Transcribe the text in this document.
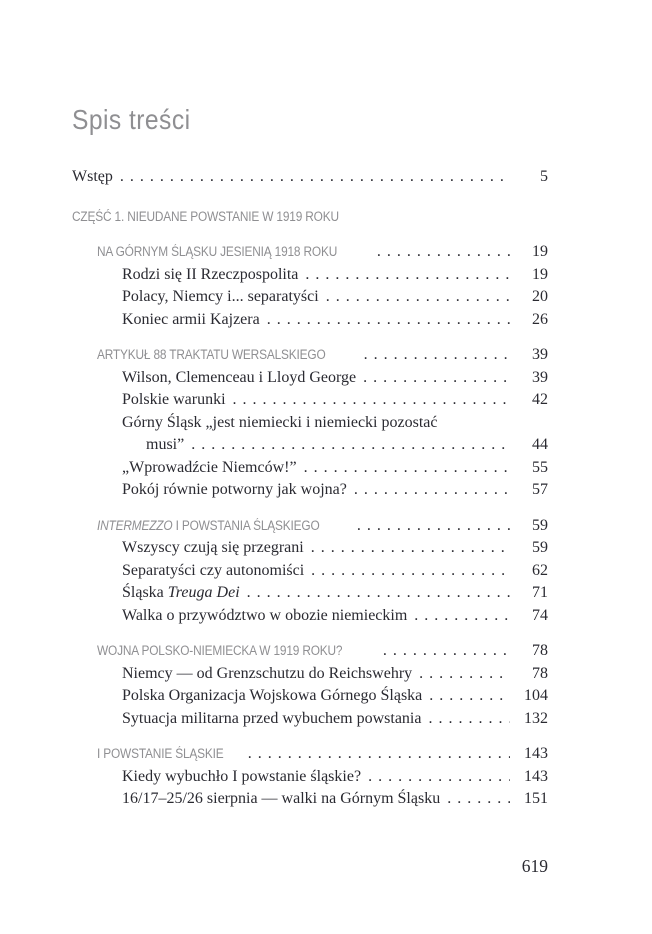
Spis treści
Wstęp .....	5
CZĘŚĆ 1. NIEUDANE POWSTANIE W 1919 ROKU
NA GÓRNYM ŚLĄSKU JESIENIĄ 1918 ROKU .....	19
Rodzi się II Rzeczpospolita .....	19
Polacy, Niemcy i... separatyści .....	20
Koniec armii Kajzera .....	26
ARTYKUŁ 88 TRAKTATU WERSALSKIEGO .....	39
Wilson, Clemenceau i Lloyd George .....	39
Polskie warunki .....	42
Górny Śląsk „jest niemiecki i niemiecki pozostać
musi” .....	44
„Wprowadźcie Niemców!” .....	55
Pokój równie potworny jak wojna? .....	57
INTERMEZZO I POWSTANIA ŚLĄSKIEGO .....	59
Wszyscy czują się przegrani .....	59
Separatyści czy autonomiści .....	62
Śląska Treuga Dei .....	71
Walka o przywództwo w obozie niemieckim .....	74
WOJNA POLSKO-NIEMIECKA W 1919 ROKU? .....	78
Niemcy — od Grenzschutzu do Reichswehry .....	78
Polska Organizacja Wojskowa Górnego Śląska .....	104
Sytuacja militarna przed wybuchem powstania .....	132
I POWSTANIE ŚLĄSKIE .....	143
Kiedy wybuchło I powstanie śląskie? .....	143
16/17–25/26 sierpnia — walki na Górnym Śląsku .....	151
619
